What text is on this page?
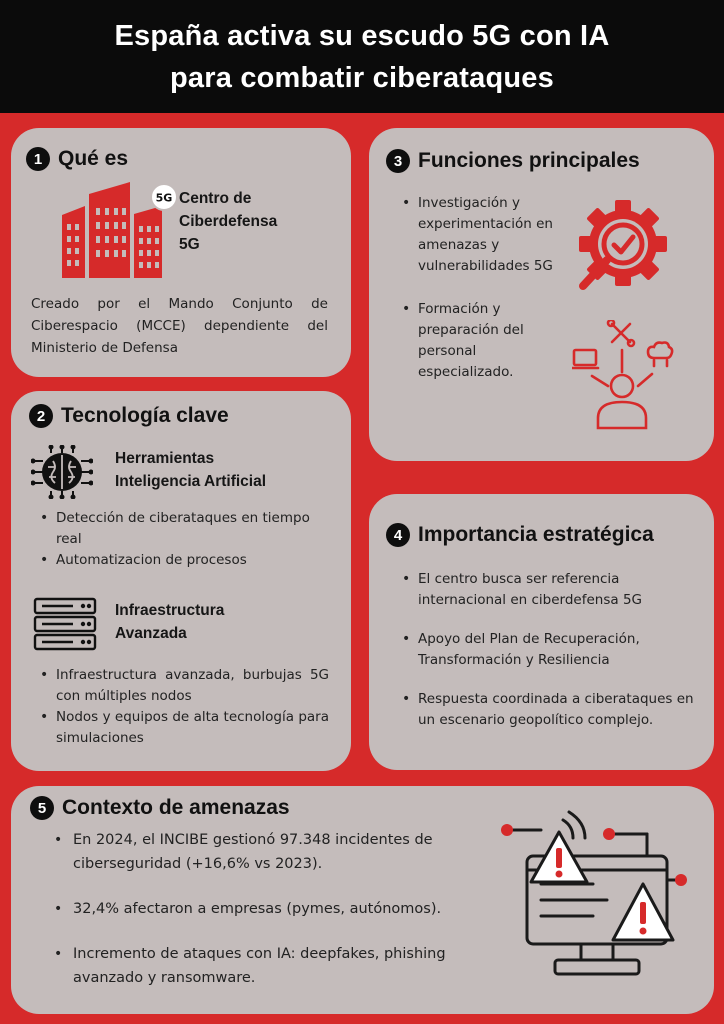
España activa su escudo 5G con IA
para combatir ciberataques
1 Qué es
5G Centro de
Ciberdefensa
5G
Creado por el Mando Conjunto de Ciberespacio (MCCE) dependiente del Ministerio de Defensa
2 Tecnología clave
Herramientas
Inteligencia Artificial
• Detección de ciberataques en tiempo real
• Automatizacion de procesos
Infraestructura
Avanzada
• Infraestructura avanzada, burbujas 5G con múltiples nodos
• Nodos y equipos de alta tecnología para simulaciones
3 Funciones principales
• Investigación y experimentación en amenazas y vulnerabilidades 5G
• Formación y preparación del personal especializado.
4 Importancia estratégica
• El centro busca ser referencia internacional en ciberdefensa 5G
• Apoyo del Plan de Recuperación, Transformación y Resiliencia
• Respuesta coordinada a ciberataques en un escenario geopolítico complejo.
5 Contexto de amenazas
• En 2024, el INCIBE gestionó 97.348 incidentes de ciberseguridad (+16,6% vs 2023).
• 32,4% afectaron a empresas (pymes, autónomos).
• Incremento de ataques con IA: deepfakes, phishing avanzado y ransomware.
